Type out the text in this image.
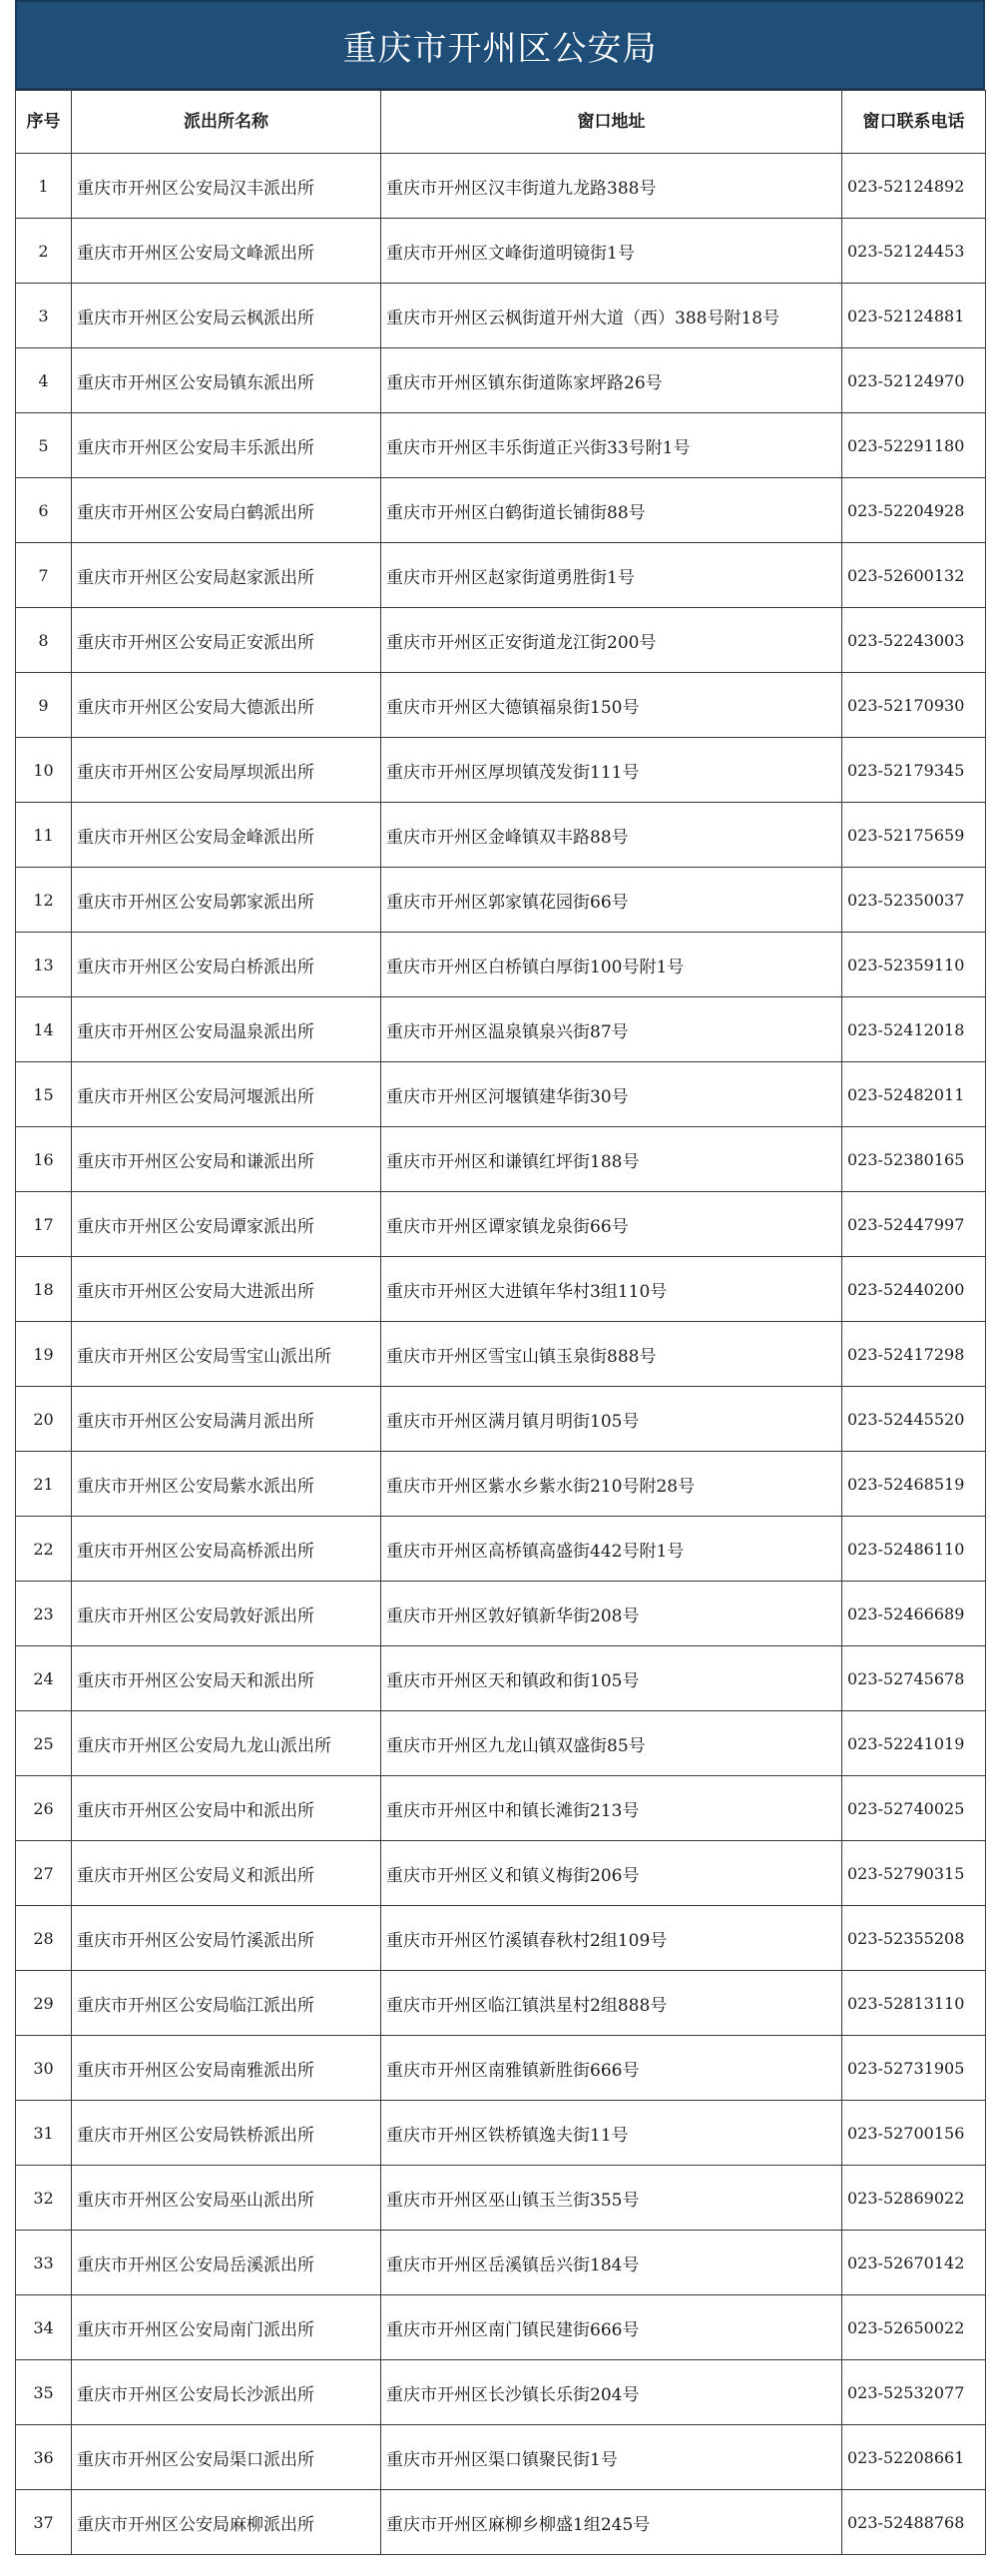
重庆市开州区公安局
序号	派出所名称	窗口地址	窗口联系电话
1	重庆市开州区公安局汉丰派出所	重庆市开州区汉丰街道九龙路388号	023-52124892
2	重庆市开州区公安局文峰派出所	重庆市开州区文峰街道明镜街1号	023-52124453
3	重庆市开州区公安局云枫派出所	重庆市开州区云枫街道开州大道（西）388号附18号	023-52124881
4	重庆市开州区公安局镇东派出所	重庆市开州区镇东街道陈家坪路26号	023-52124970
5	重庆市开州区公安局丰乐派出所	重庆市开州区丰乐街道正兴街33号附1号	023-52291180
6	重庆市开州区公安局白鹤派出所	重庆市开州区白鹤街道长铺街88号	023-52204928
7	重庆市开州区公安局赵家派出所	重庆市开州区赵家街道勇胜街1号	023-52600132
8	重庆市开州区公安局正安派出所	重庆市开州区正安街道龙江街200号	023-52243003
9	重庆市开州区公安局大德派出所	重庆市开州区大德镇福泉街150号	023-52170930
10	重庆市开州区公安局厚坝派出所	重庆市开州区厚坝镇茂发街111号	023-52179345
11	重庆市开州区公安局金峰派出所	重庆市开州区金峰镇双丰路88号	023-52175659
12	重庆市开州区公安局郭家派出所	重庆市开州区郭家镇花园街66号	023-52350037
13	重庆市开州区公安局白桥派出所	重庆市开州区白桥镇白厚街100号附1号	023-52359110
14	重庆市开州区公安局温泉派出所	重庆市开州区温泉镇泉兴街87号	023-52412018
15	重庆市开州区公安局河堰派出所	重庆市开州区河堰镇建华街30号	023-52482011
16	重庆市开州区公安局和谦派出所	重庆市开州区和谦镇红坪街188号	023-52380165
17	重庆市开州区公安局谭家派出所	重庆市开州区谭家镇龙泉街66号	023-52447997
18	重庆市开州区公安局大进派出所	重庆市开州区大进镇年华村3组110号	023-52440200
19	重庆市开州区公安局雪宝山派出所	重庆市开州区雪宝山镇玉泉街888号	023-52417298
20	重庆市开州区公安局满月派出所	重庆市开州区满月镇月明街105号	023-52445520
21	重庆市开州区公安局紫水派出所	重庆市开州区紫水乡紫水街210号附28号	023-52468519
22	重庆市开州区公安局高桥派出所	重庆市开州区高桥镇高盛街442号附1号	023-52486110
23	重庆市开州区公安局敦好派出所	重庆市开州区敦好镇新华街208号	023-52466689
24	重庆市开州区公安局天和派出所	重庆市开州区天和镇政和街105号	023-52745678
25	重庆市开州区公安局九龙山派出所	重庆市开州区九龙山镇双盛街85号	023-52241019
26	重庆市开州区公安局中和派出所	重庆市开州区中和镇长滩街213号	023-52740025
27	重庆市开州区公安局义和派出所	重庆市开州区义和镇义梅街206号	023-52790315
28	重庆市开州区公安局竹溪派出所	重庆市开州区竹溪镇春秋村2组109号	023-52355208
29	重庆市开州区公安局临江派出所	重庆市开州区临江镇洪星村2组888号	023-52813110
30	重庆市开州区公安局南雅派出所	重庆市开州区南雅镇新胜街666号	023-52731905
31	重庆市开州区公安局铁桥派出所	重庆市开州区铁桥镇逸夫街11号	023-52700156
32	重庆市开州区公安局巫山派出所	重庆市开州区巫山镇玉兰街355号	023-52869022
33	重庆市开州区公安局岳溪派出所	重庆市开州区岳溪镇岳兴街184号	023-52670142
34	重庆市开州区公安局南门派出所	重庆市开州区南门镇民建街666号	023-52650022
35	重庆市开州区公安局长沙派出所	重庆市开州区长沙镇长乐街204号	023-52532077
36	重庆市开州区公安局渠口派出所	重庆市开州区渠口镇聚民街1号	023-52208661
37	重庆市开州区公安局麻柳派出所	重庆市开州区麻柳乡柳盛1组245号	023-52488768
